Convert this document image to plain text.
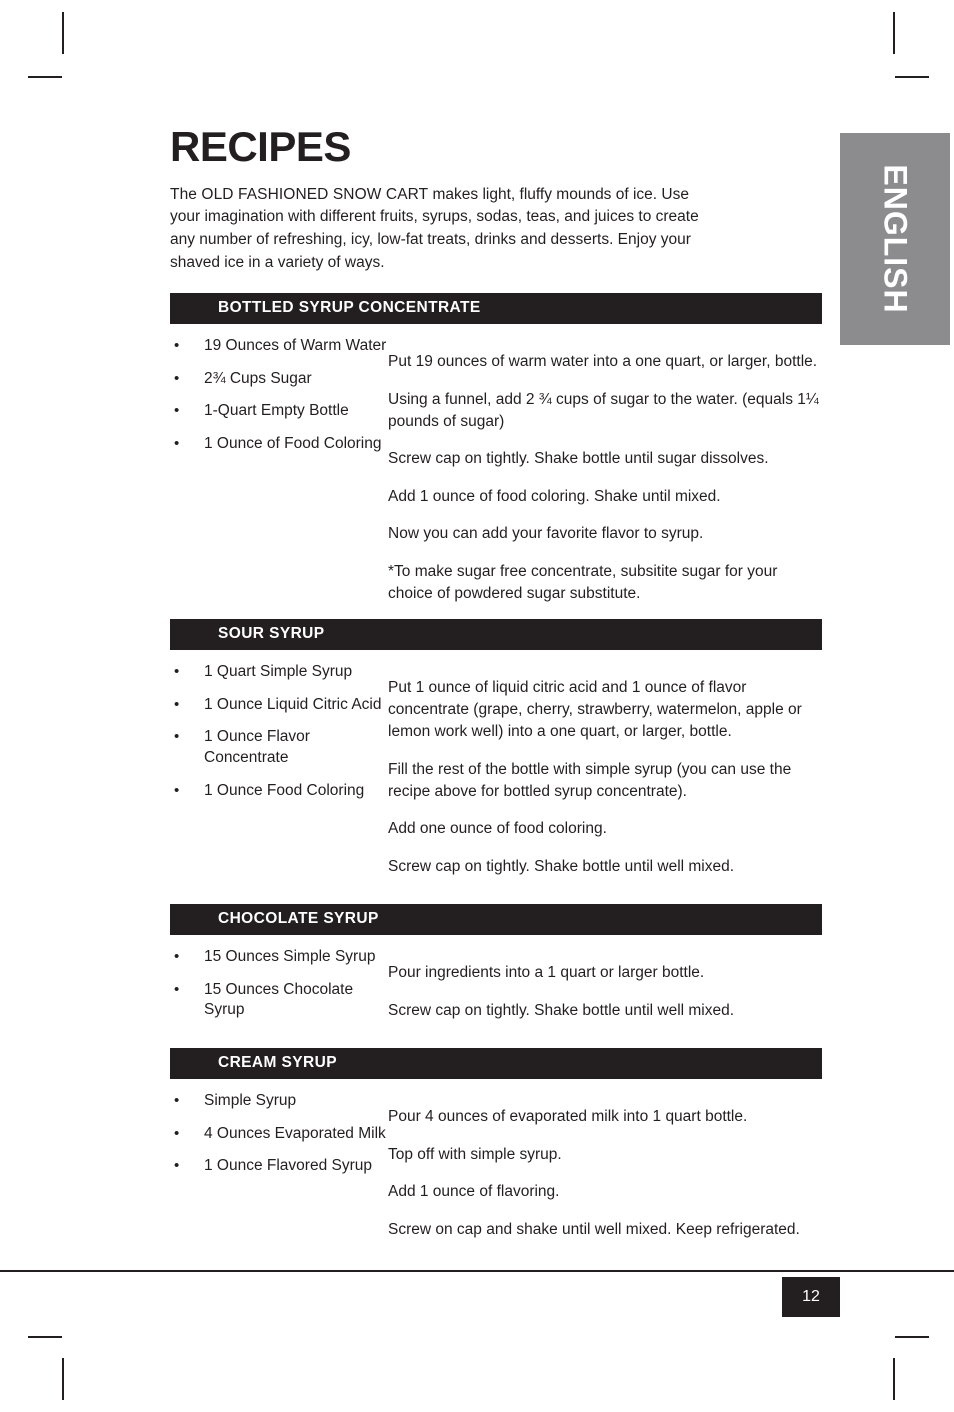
ENGLISH
RECIPES

The OLD FASHIONED SNOW CART makes light, fluffy mounds of ice. Use your imagination with different fruits, syrups, sodas, teas, and juices to create any number of refreshing, icy, low-fat treats, drinks and desserts. Enjoy your shaved ice in a variety of ways.

BOTTLED SYRUP CONCENTRATE
•	19 Ounces of Warm Water
•	2¾ Cups Sugar
•	1-Quart Empty Bottle
•	1 Ounce of Food Coloring

Put 19 ounces of warm water into a one quart, or larger, bottle.

Using a funnel, add 2 ¾ cups of sugar to the water. (equals 1¼ pounds of sugar)

Screw cap on tightly. Shake bottle until sugar dissolves.

Add 1 ounce of food coloring. Shake until mixed.

Now you can add your favorite flavor to syrup.

*To make sugar free concentrate, subsitite sugar for your choice of powdered sugar substitute.

SOUR SYRUP
•	1 Quart Simple Syrup
•	1 Ounce Liquid Citric Acid
•	1 Ounce Flavor Concentrate
•	1 Ounce Food Coloring

Put 1 ounce of liquid citric acid and 1 ounce of flavor concentrate (grape, cherry, strawberry, watermelon, apple or lemon work well) into a one quart, or larger, bottle.

Fill the rest of the bottle with simple syrup (you can use the recipe above for bottled syrup concentrate).

Add one ounce of food coloring.

Screw cap on tightly. Shake bottle until well mixed.

CHOCOLATE SYRUP
•	15 Ounces Simple Syrup
•	15 Ounces Chocolate Syrup

Pour ingredients into a 1 quart or larger bottle.

Screw cap on tightly. Shake bottle until well mixed.

CREAM SYRUP
•	Simple Syrup
•	4 Ounces Evaporated Milk
•	1 Ounce Flavored Syrup

Pour 4 ounces of evaporated milk into 1 quart bottle.

Top off with simple syrup.

Add 1 ounce of flavoring.

Screw on cap and shake until well mixed. Keep refrigerated.

12
